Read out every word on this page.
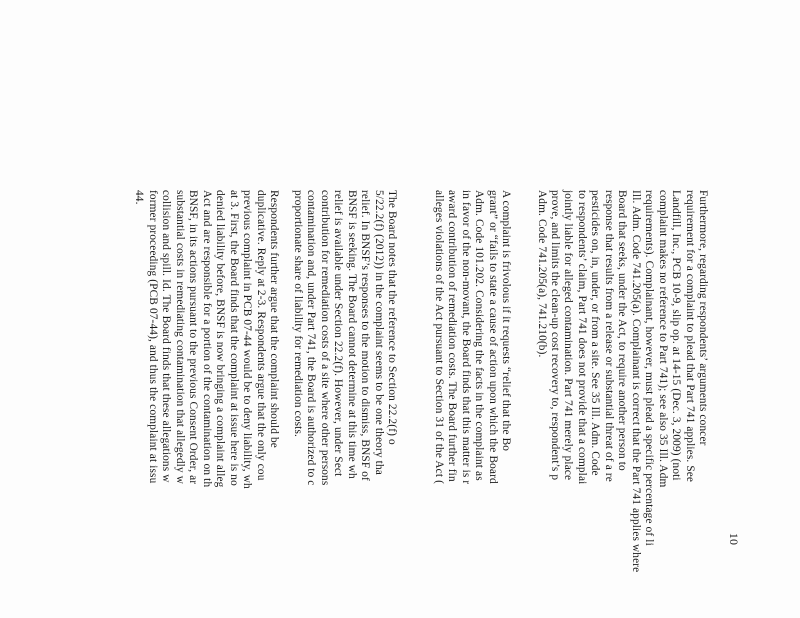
10
Furthermore, regarding respondents’ arguments concer
requirement for a complaint to plead that Part 741 applies. See
Landfill, Inc., PCB 10-9, slip op. at 14-15 (Dec. 3, 2009) (noti
complaint makes no reference to Part 741); see also 35 Ill. Adm
requirements). Complainant, however, must plead a specific percentage of li
Ill. Adm. Code 741.205(a). Complainant is correct that the Part 741 applies where
Board that seeks, under the Act, to require another person to
response that results from a release or substantial threat of a re
pesticides on, in, under, or from a site. See 35 Ill. Adm. Code
to respondents’ claim, Part 741 does not provide that a complai
jointly liable for alleged contamination. Part 741 merely place
prove, and limits the clean-up cost recovery to, respondent’s p
Adm. Code 741.205(a), 741.210(b).
A complaint is frivolous if it requests “relief that the Bo
grant” or “fails to state a cause of action upon which the Board
Adm. Code 101.202. Considering the facts in the complaint as
in favor of the non-movant, the Board finds that this matter is r
award contribution of remediation costs. The Board further fin
alleges violations of the Act pursuant to Section 31 of the Act (
The Board notes that the reference to Section 22.2(f) o
5/22.2(f) (2012)) in the complaint seems to be one theory tha
relief. In BNSF’s responses to the motion to dismiss, BNSF of
BNSF is seeking. The Board cannot determine at this time wh
relief is available under Section 22.2(f). However, under Sect
contribution for remediation costs of a site where other persons
contamination and, under Part 741, the Board is authorized to c
proportionate share of liability for remediation costs.
Respondents further argue that the complaint should be
duplicative. Reply at 2-3. Respondents argue that the only cou
previous complaint in PCB 07-44 would be to deny liability, wh
at 3. First, the Board finds that the complaint at issue here is no
denied liability before, BNSF is now bringing a complaint alleg
Act and are responsible for a portion of the contamination on th
BNSF, in its actions pursuant to the previous Consent Order, ar
substantial costs in remediating contamination that allegedly w
collision and spill. Id. The Board finds that these allegations w
former proceeding (PCB 07-44), and thus the complaint at issu
44.
